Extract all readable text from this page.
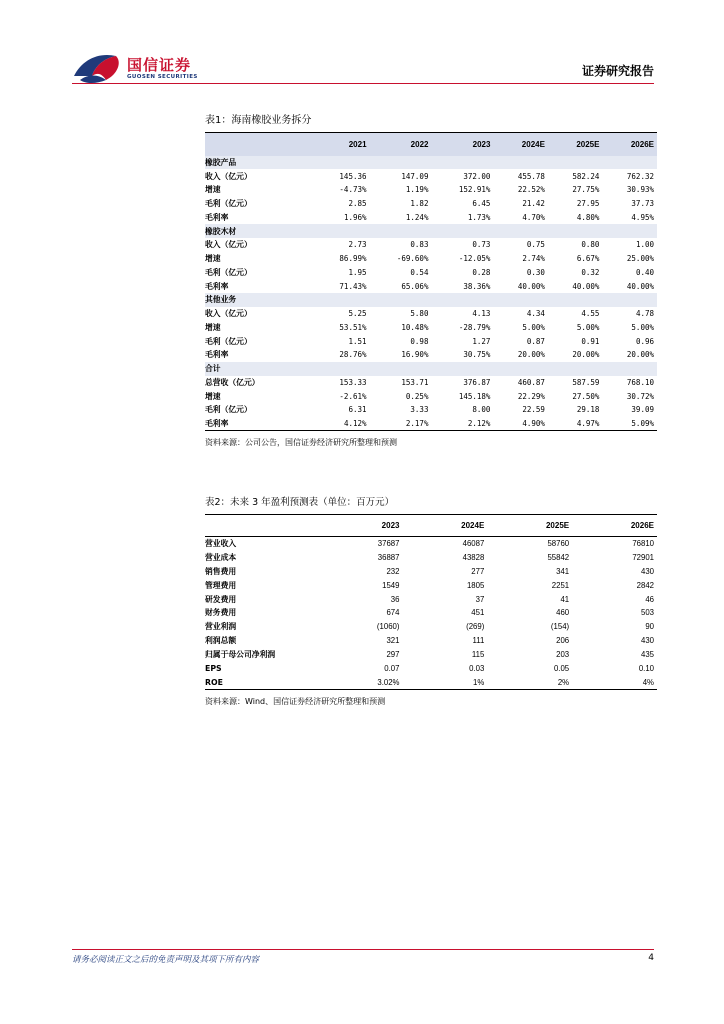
国信证券
GUOSEN SECURITIES	证券研究报告
表1：海南橡胶业务拆分
	2021	2022	2023	2024E	2025E	2026E
橡胶产品						
收入（亿元）	145.36	147.09	372.00	455.78	582.24	762.32
增速	-4.73%	1.19%	152.91%	22.52%	27.75%	30.93%
毛利（亿元）	2.85	1.82	6.45	21.42	27.95	37.73
毛利率	1.96%	1.24%	1.73%	4.70%	4.80%	4.95%
橡胶木材						
收入（亿元）	2.73	0.83	0.73	0.75	0.80	1.00
增速	86.99%	-69.60%	-12.05%	2.74%	6.67%	25.00%
毛利（亿元）	1.95	0.54	0.28	0.30	0.32	0.40
毛利率	71.43%	65.06%	38.36%	40.00%	40.00%	40.00%
其他业务						
收入（亿元）	5.25	5.80	4.13	4.34	4.55	4.78
增速	53.51%	10.48%	-28.79%	5.00%	5.00%	5.00%
毛利（亿元）	1.51	0.98	1.27	0.87	0.91	0.96
毛利率	28.76%	16.90%	30.75%	20.00%	20.00%	20.00%
合计						
总营收（亿元）	153.33	153.71	376.87	460.87	587.59	768.10
增速	-2.61%	0.25%	145.18%	22.29%	27.50%	30.72%
毛利（亿元）	6.31	3.33	8.00	22.59	29.18	39.09
毛利率	4.12%	2.17%	2.12%	4.90%	4.97%	5.09%
资料来源：公司公告，国信证券经济研究所整理和预测
表2：未来 3 年盈利预测表（单位：百万元）
	2023	2024E	2025E	2026E
营业收入	37687	46087	58760	76810
营业成本	36887	43828	55842	72901
销售费用	232	277	341	430
管理费用	1549	1805	2251	2842
研发费用	36	37	41	46
财务费用	674	451	460	503
营业利润	(1060)	(269)	(154)	90
利润总额	321	111	206	430
归属于母公司净利润	297	115	203	435
EPS	0.07	0.03	0.05	0.10
ROE	3.02%	1%	2%	4%
资料来源：Wind、国信证券经济研究所整理和预测
请务必阅读正文之后的免责声明及其项下所有内容	4
